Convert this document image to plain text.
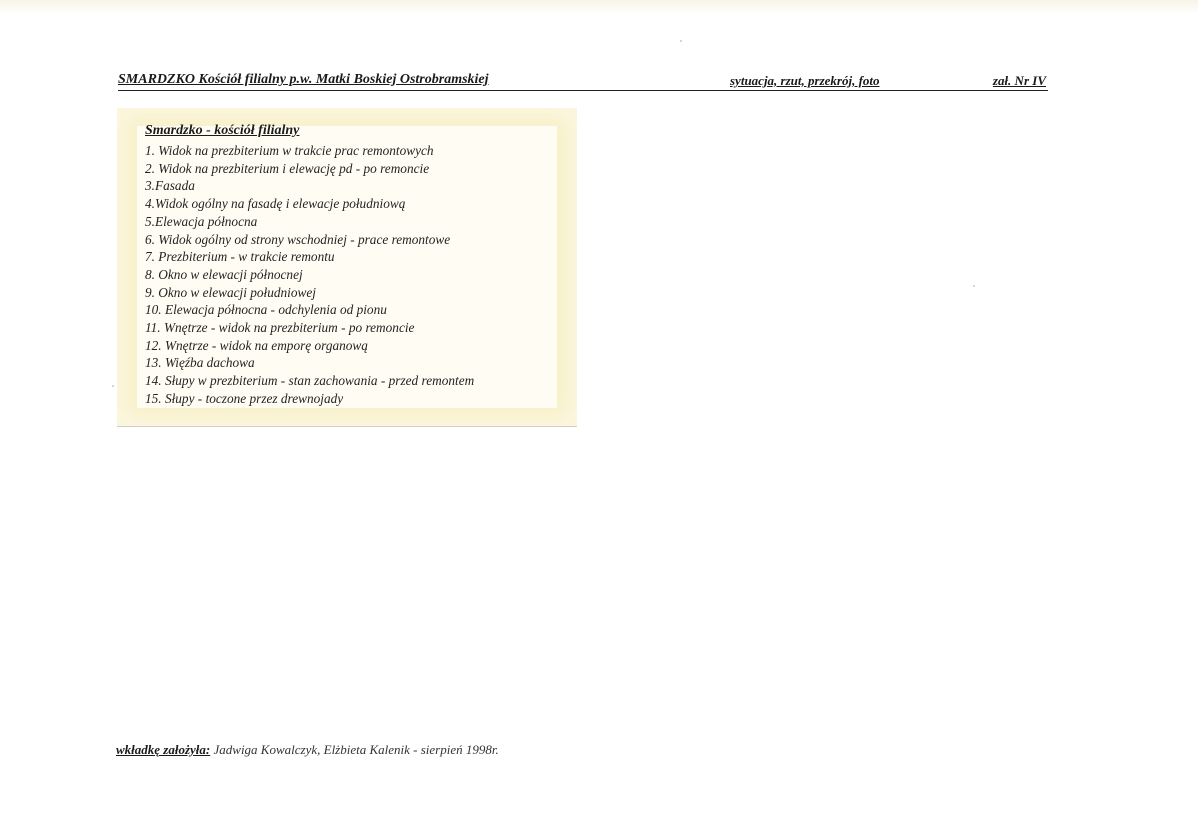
SMARDZKO Kościół filialny p.w. Matki Boskiej Ostrobramskiej	sytuacja, rzut, przekrój, foto	zał. Nr IV
Smardzko - kościół filialny
1. Widok na prezbiterium w trakcie prac remontowych
2. Widok na prezbiterium i elewację pd - po remoncie
3.Fasada
4.Widok ogólny na fasadę i elewacje południową
5.Elewacja północna
6. Widok ogólny od strony wschodniej - prace remontowe
7. Prezbiterium - w trakcie remontu
8. Okno w elewacji północnej
9. Okno w elewacji południowej
10. Elewacja północna - odchylenia od pionu
11. Wnętrze - widok na prezbiterium - po remoncie
12. Wnętrze - widok na emporę organową
13. Więźba dachowa
14. Słupy w prezbiterium - stan zachowania - przed remontem
15. Słupy - toczone przez drewnojady
wkładkę założyła: Jadwiga Kowalczyk, Elżbieta Kalenik - sierpień 1998r.
